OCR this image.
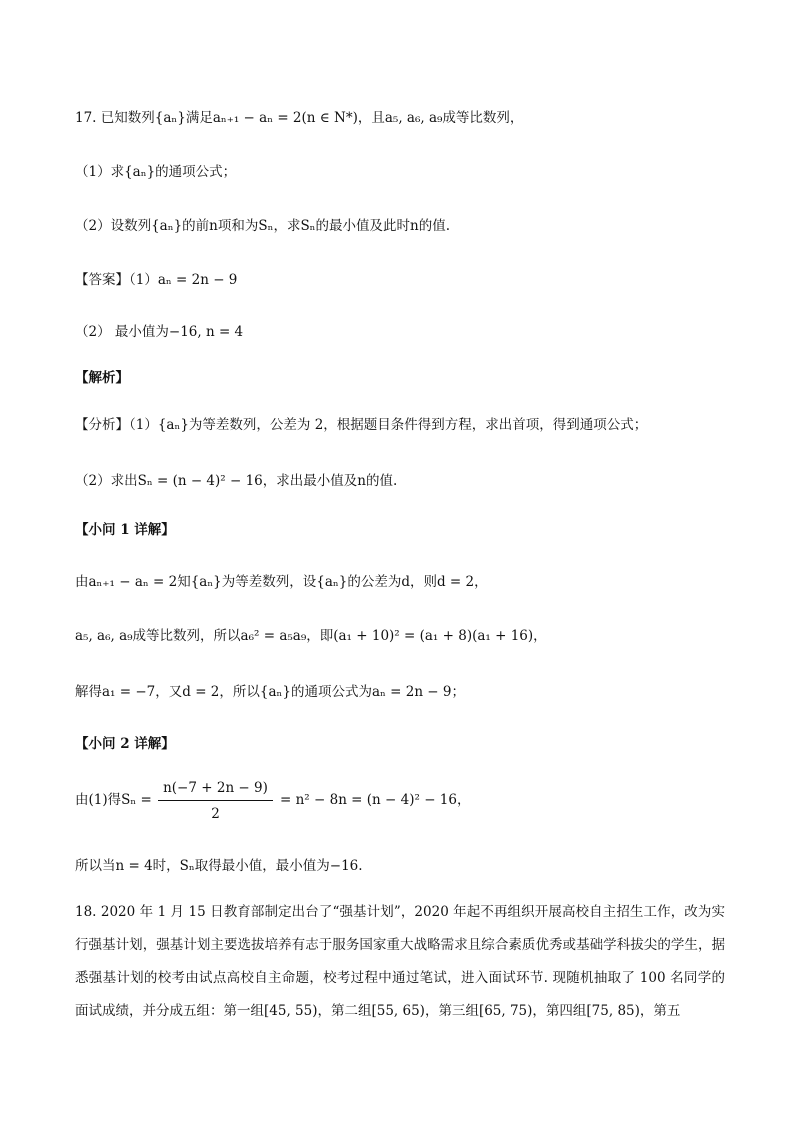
17. 已知数列{aₙ}满足aₙ₊₁ − aₙ = 2(n ∈ N*)，且a₅, a₆, a₉成等比数列，
（1）求{aₙ}的通项公式；
（2）设数列{aₙ}的前n项和为Sₙ，求Sₙ的最小值及此时n的值.
【答案】（1）aₙ = 2n − 9
（2） 最小值为−16, n = 4
【解析】
【分析】（1）{aₙ}为等差数列，公差为 2，根据题目条件得到方程，求出首项，得到通项公式；
（2）求出Sₙ = (n − 4)² − 16，求出最小值及n的值.
【小问 1 详解】
由aₙ₊₁ − aₙ = 2知{aₙ}为等差数列，设{aₙ}的公差为d，则d = 2，
a₅, a₆, a₉成等比数列，所以a₆² = a₅a₉，即(a₁ + 10)² = (a₁ + 8)(a₁ + 16)，
解得a₁ = −7，又d = 2，所以{aₙ}的通项公式为aₙ = 2n − 9；
【小问 2 详解】
由(1)得Sₙ =
n(−7 + 2n − 9)
2
= n² − 8n = (n − 4)² − 16，
所以当n = 4时，Sₙ取得最小值，最小值为−16.
18. 2020 年 1 月 15 日教育部制定出台了“强基计划”，2020 年起不再组织开展高校自主招生工作，改为实行强基计划，强基计划主要选拔培养有志于服务国家重大战略需求且综合素质优秀或基础学科拔尖的学生，据悉强基计划的校考由试点高校自主命题，校考过程中通过笔试，进入面试环节. 现随机抽取了 100 名同学的面试成绩，并分成五组：第一组[45, 55)，第二组[55, 65)，第三组[65, 75)，第四组[75, 85)，第五
